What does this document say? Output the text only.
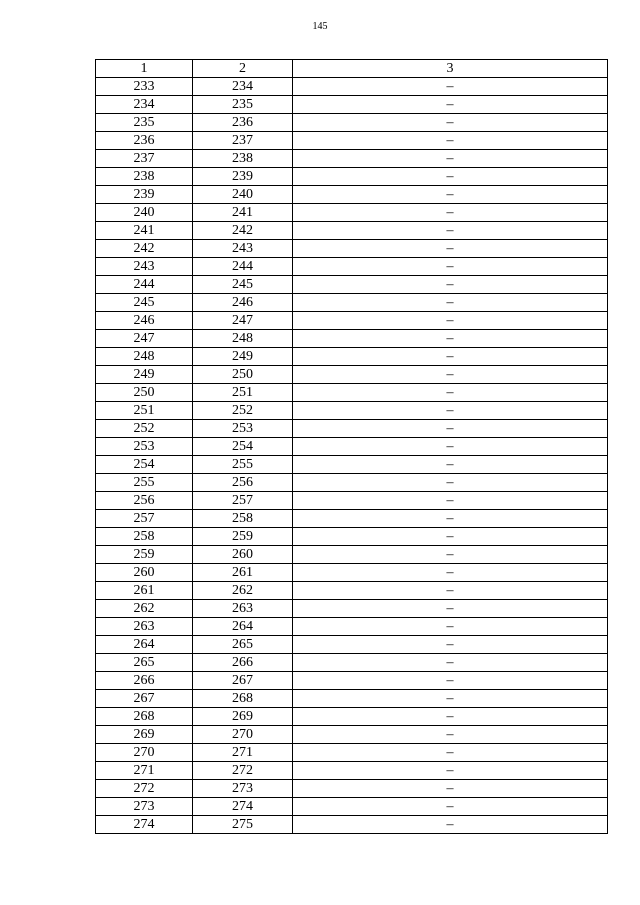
145
1	2	3
233	234	–
234	235	–
235	236	–
236	237	–
237	238	–
238	239	–
239	240	–
240	241	–
241	242	–
242	243	–
243	244	–
244	245	–
245	246	–
246	247	–
247	248	–
248	249	–
249	250	–
250	251	–
251	252	–
252	253	–
253	254	–
254	255	–
255	256	–
256	257	–
257	258	–
258	259	–
259	260	–
260	261	–
261	262	–
262	263	–
263	264	–
264	265	–
265	266	–
266	267	–
267	268	–
268	269	–
269	270	–
270	271	–
271	272	–
272	273	–
273	274	–
274	275	–
